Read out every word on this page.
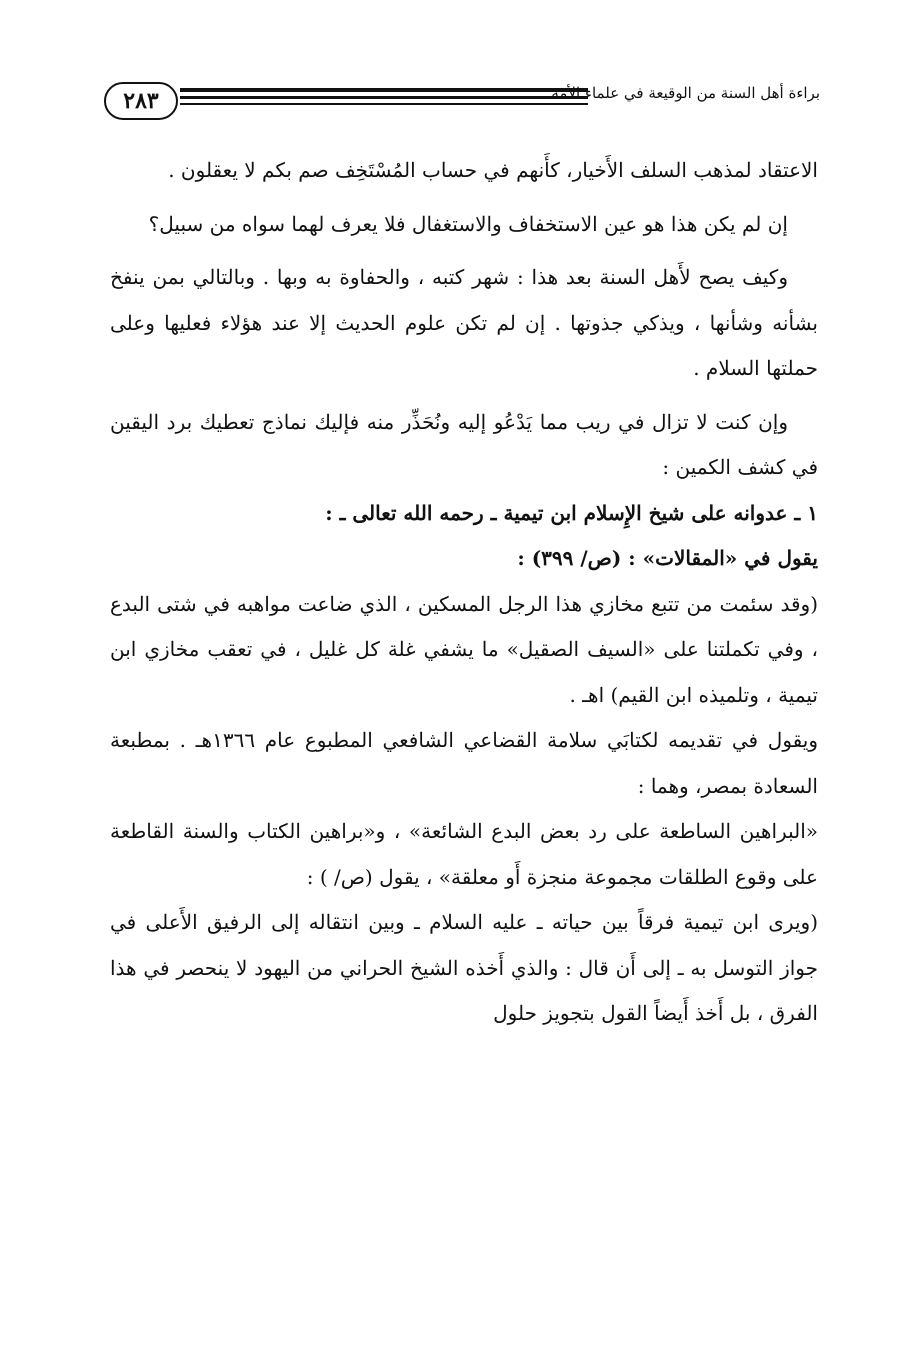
٢٨٣	براءة أهل السنة من الوقيعة في علماء الأمة

الاعتقاد لمذهب السلف الأَخيار، كأَنهم في حساب المُسْتَخِف صم بكم لا يعقلون .

إن لم يكن هذا هو عين الاستخفاف والاستغفال فلا يعرف لهما سواه من سبيل؟

وكيف يصح لأَهل السنة بعد هذا : شهر كتبه ، والحفاوة به وبها . وبالتالي بمن ينفخ بشأنه وشأنها ، ويذكي جذوتها . إن لم تكن علوم الحديث إلا عند هؤلاء فعليها وعلى حملتها السلام .

وإن كنت لا تزال في ريب مما يَدْعُو إليه ونُحَذِّر منه فإليك نماذج تعطيك برد اليقين في كشف الكمين :

١ ـ عدوانه على شيخ الإِسلام ابن تيمية ـ رحمه الله تعالى ـ :

يقول في «المقالات» : (ص/ ٣٩٩) :

(وقد سئمت من تتبع مخازي هذا الرجل المسكين ، الذي ضاعت مواهبه في شتى البدع ، وفي تكملتنا على «السيف الصقيل» ما يشفي غلة كل غليل ، في تعقب مخازي ابن تيمية ، وتلميذه ابن القيم) اهـ .

ويقول في تقديمه لكتابَي سلامة القضاعي الشافعي المطبوع عام ١٣٦٦هـ . بمطبعة السعادة بمصر، وهما :

«البراهين الساطعة على رد بعض البدع الشائعة» ، و«براهين الكتاب والسنة القاطعة على وقوع الطلقات مجموعة منجزة أَو معلقة» ، يقول (ص/ ) :

(ويرى ابن تيمية فرقاً بين حياته ـ عليه السلام ـ وبين انتقاله إلى الرفيق الأَعلى في جواز التوسل به ـ إلى أَن قال : والذي أَخذه الشيخ الحراني من اليهود لا ينحصر في هذا الفرق ، بل أَخذ أَيضاً القول بتجويز حلول
